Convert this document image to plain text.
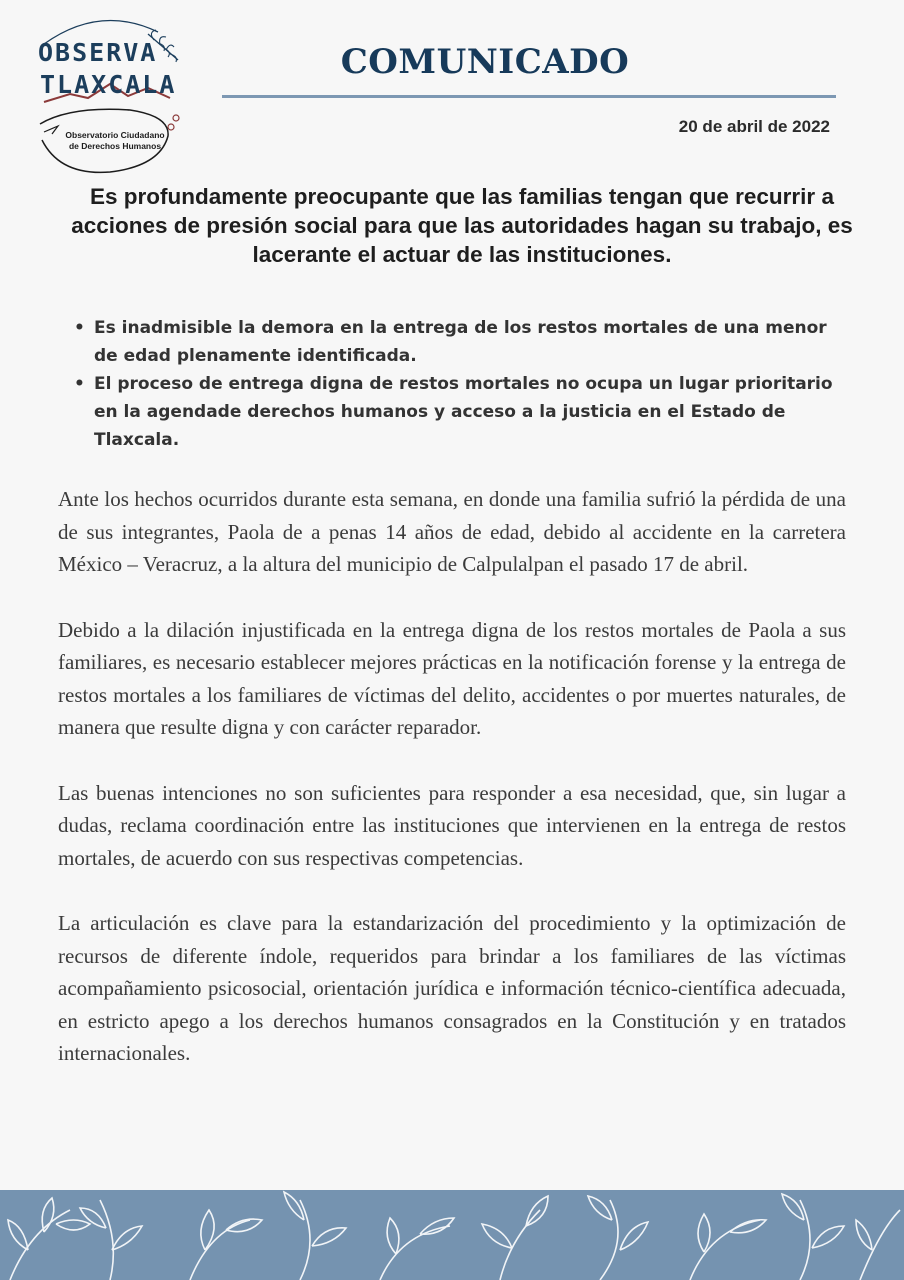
OBSERVA
TLAXCALA
Observatorio Ciudadano
de Derechos Humanos
COMUNICADO
20 de abril de 2022
Es profundamente preocupante que las familias tengan que recurrir a acciones de presión social para que las autoridades hagan su trabajo, es lacerante el actuar de las instituciones.
• Es inadmisible la demora en la entrega de los restos mortales de una menor de edad plenamente identificada.
• El proceso de entrega digna de restos mortales no ocupa un lugar prioritario en la agendade derechos humanos y acceso a la justicia en el Estado de Tlaxcala.

Ante los hechos ocurridos durante esta semana, en donde una familia sufrió la pérdida de una de sus integrantes, Paola de a penas 14 años de edad, debido al accidente en la carretera México – Veracruz, a la altura del municipio de Calpulalpan el pasado 17 de abril.

Debido a la dilación injustificada en la entrega digna de los restos mortales de Paola a sus familiares, es necesario establecer mejores prácticas en la notificación forense y la entrega de restos mortales a los familiares de víctimas del delito, accidentes o por muertes naturales, de manera que resulte digna y con carácter reparador.

Las buenas intenciones no son suficientes para responder a esa necesidad, que, sin lugar a dudas, reclama coordinación entre las instituciones que intervienen en la entrega de restos mortales, de acuerdo con sus respectivas competencias.

La articulación es clave para la estandarización del procedimiento y la optimización de recursos de diferente índole, requeridos para brindar a los familiares de las víctimas acompañamiento psicosocial, orientación jurídica e información técnico-científica adecuada, en estricto apego a los derechos humanos consagrados en la Constitución y en tratados internacionales.
